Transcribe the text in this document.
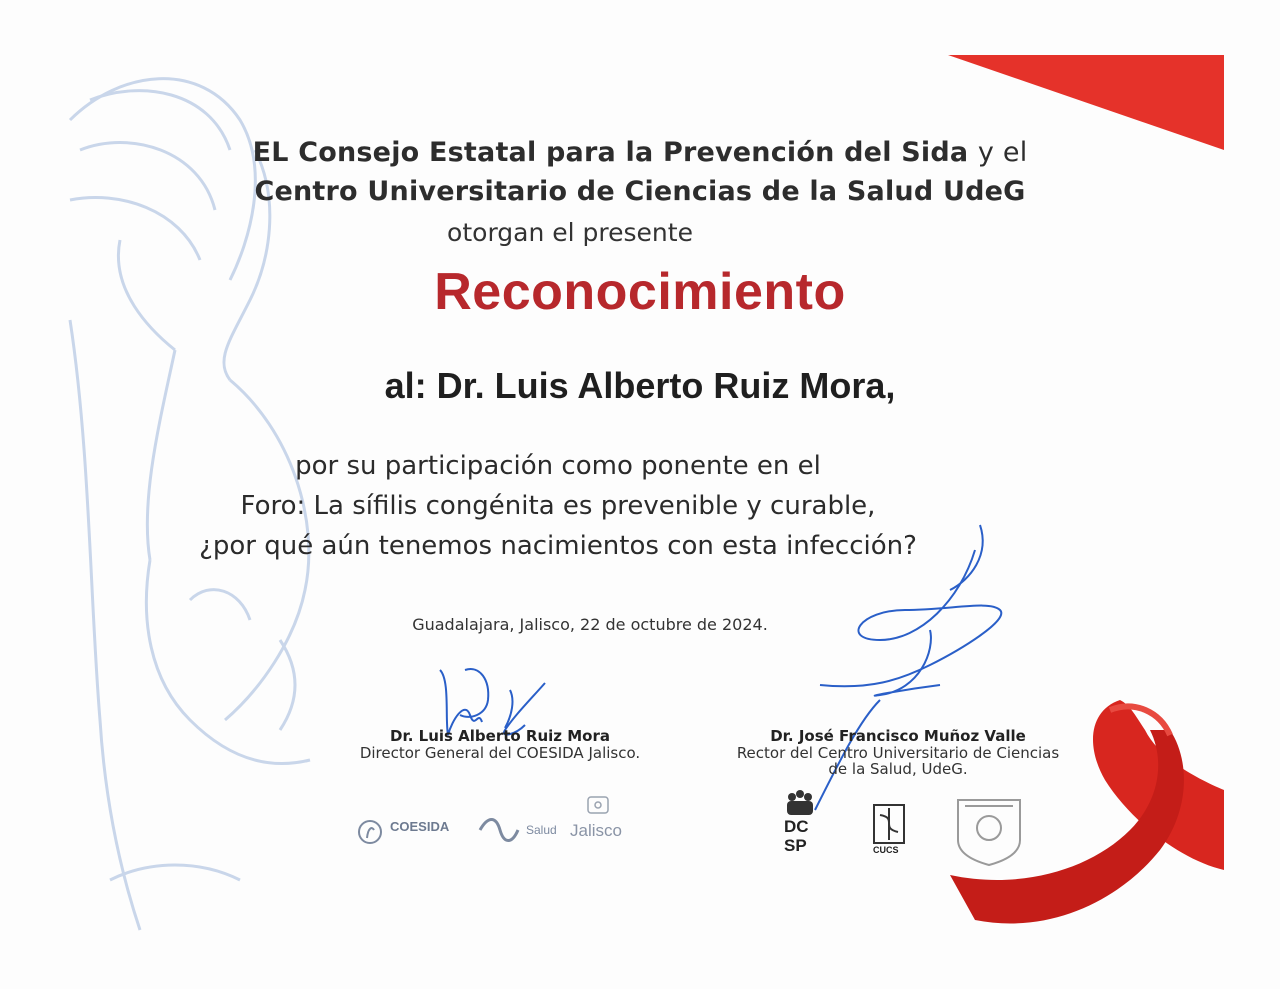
EL Consejo Estatal para la Prevención del Sida y el
Centro Universitario de Ciencias de la Salud UdeG
otorgan el presente
Reconocimiento
al: Dr. Luis Alberto Ruiz Mora,
por su participación como ponente en el
Foro: La sífilis congénita es prevenible y curable,
¿por qué aún tenemos nacimientos con esta infección?
Guadalajara, Jalisco, 22 de octubre de 2024.
Dr. Luis Alberto Ruiz Mora
Director General del COESIDA Jalisco.
Dr. José Francisco Muñoz Valle
Rector del Centro Universitario de Ciencias
de la Salud, UdeG.
COESIDA	Salud Jalisco	DC
SP	CUCS
